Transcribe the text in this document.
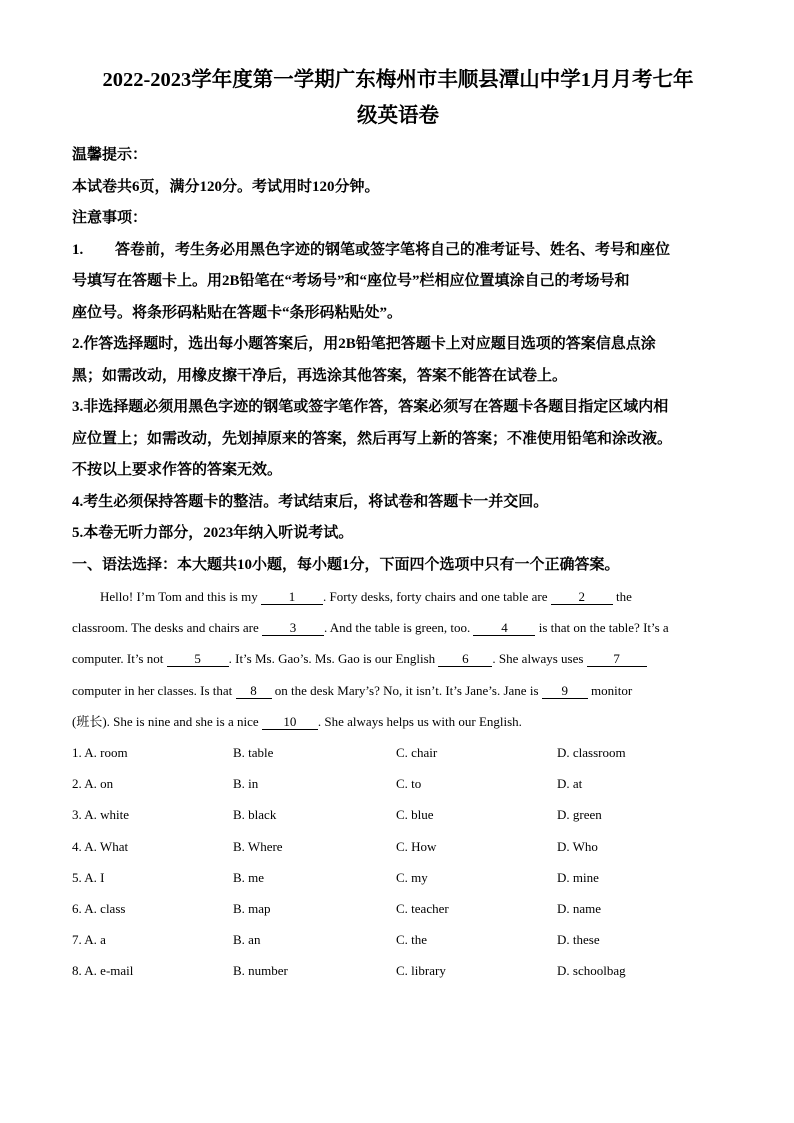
2022-2023学年度第一学期广东梅州市丰顺县潭山中学1月月考七年

级英语卷

温馨提示：

本试卷共6页，满分120分。考试用时120分钟。

注意事项：

1. 答卷前，考生务必用黑色字迹的钢笔或签字笔将自己的准考证号、姓名、考号和座位

号填写在答题卡上。用2B铅笔在“考场号”和“座位号”栏相应位置填涂自己的考场号和

座位号。将条形码粘贴在答题卡“条形码粘贴处”。

2.作答选择题时，选出每小题答案后，用2B铅笔把答题卡上对应题目选项的答案信息点涂

黑；如需改动，用橡皮擦干净后，再选涂其他答案，答案不能答在试卷上。

3.非选择题必须用黑色字迹的钢笔或签字笔作答，答案必须写在答题卡各题目指定区域内相

应位置上；如需改动，先划掉原来的答案，然后再写上新的答案；不准使用铅笔和涂改液。

不按以上要求作答的答案无效。

4.考生必须保持答题卡的整洁。考试结束后，将试卷和答题卡一并交回。

5.本卷无听力部分，2023年纳入听说考试。

一、语法选择：本大题共10小题，每小题1分，下面四个选项中只有一个正确答案。

Hello! I’m Tom and this is my 1 . Forty desks, forty chairs and one table are 2 the

classroom. The desks and chairs are 3 . And the table is green, too. 4 is that on the table? It’s a

computer. It’s not 5 . It’s Ms. Gao’s. Ms. Gao is our English 6 . She always uses 7

computer in her classes. Is that 8 on the desk Mary’s? No, it isn’t. It’s Jane’s. Jane is 9 monitor

(班长). She is nine and she is a nice 10 . She always helps us with our English.

1. A. room	B. table	C. chair	D. classroom
2. A. on	B. in	C. to	D. at
3. A. white	B. black	C. blue	D. green
4. A. What	B. Where	C. How	D. Who
5. A. I	B. me	C. my	D. mine
6. A. class	B. map	C. teacher	D. name
7. A. a	B. an	C. the	D. these
8. A. e-mail	B. number	C. library	D. schoolbag
